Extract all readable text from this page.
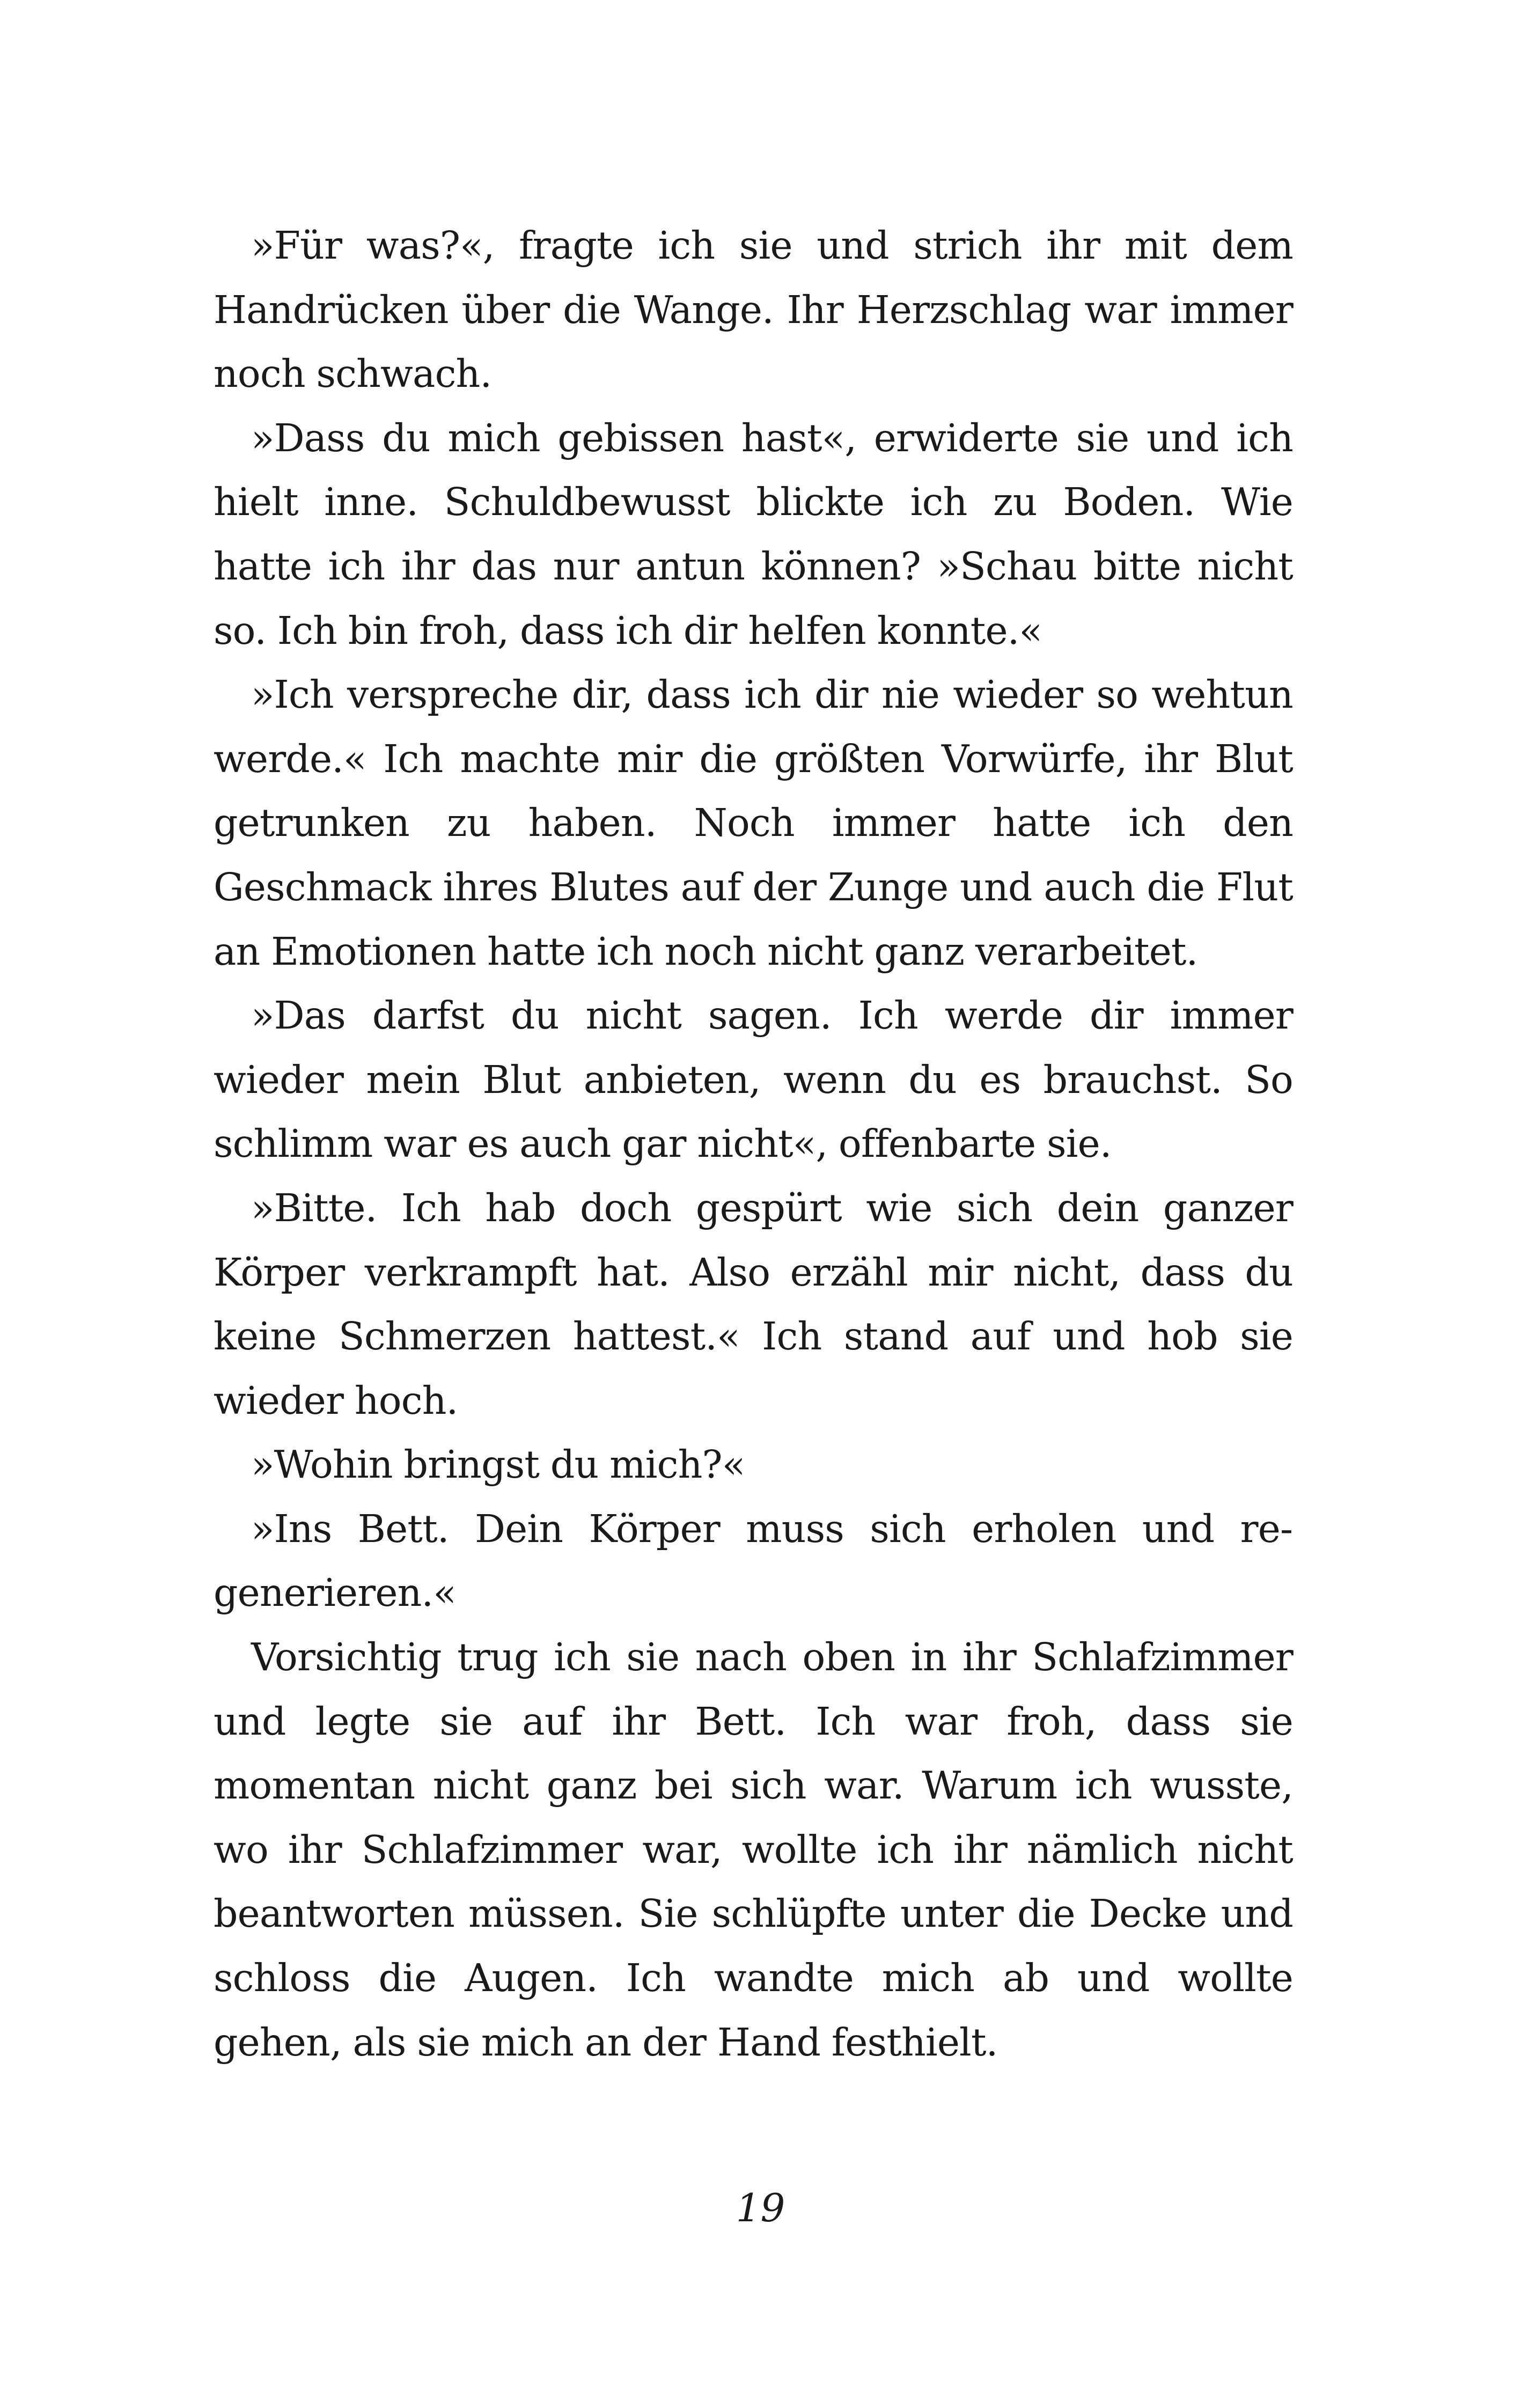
»Für was?«, fragte ich sie und strich ihr mit dem Handrücken über die Wange. Ihr Herzschlag war immer noch schwach.

»Dass du mich gebissen hast«, erwiderte sie und ich hielt inne. Schuldbewusst blickte ich zu Boden. Wie hatte ich ihr das nur antun können? »Schau bitte nicht so. Ich bin froh, dass ich dir helfen konnte.«

»Ich verspreche dir, dass ich dir nie wieder so wehtun werde.« Ich machte mir die größten Vorwürfe, ihr Blut getrunken zu haben. Noch immer hatte ich den Geschmack ihres Blutes auf der Zunge und auch die Flut an Emotionen hatte ich noch nicht ganz verarbeitet.

»Das darfst du nicht sagen. Ich werde dir immer wieder mein Blut anbieten, wenn du es brauchst. So schlimm war es auch gar nicht«, offenbarte sie.

»Bitte. Ich hab doch gespürt wie sich dein ganzer Körper verkrampft hat. Also erzähl mir nicht, dass du keine Schmerzen hattest.« Ich stand auf und hob sie wieder hoch.

»Wohin bringst du mich?«

»Ins Bett. Dein Körper muss sich erholen und regenerieren.«

Vorsichtig trug ich sie nach oben in ihr Schlafzimmer und legte sie auf ihr Bett. Ich war froh, dass sie momentan nicht ganz bei sich war. Warum ich wusste, wo ihr Schlafzimmer war, wollte ich ihr nämlich nicht beantworten müssen. Sie schlüpfte unter die Decke und schloss die Augen. Ich wandte mich ab und wollte gehen, als sie mich an der Hand festhielt.

19
